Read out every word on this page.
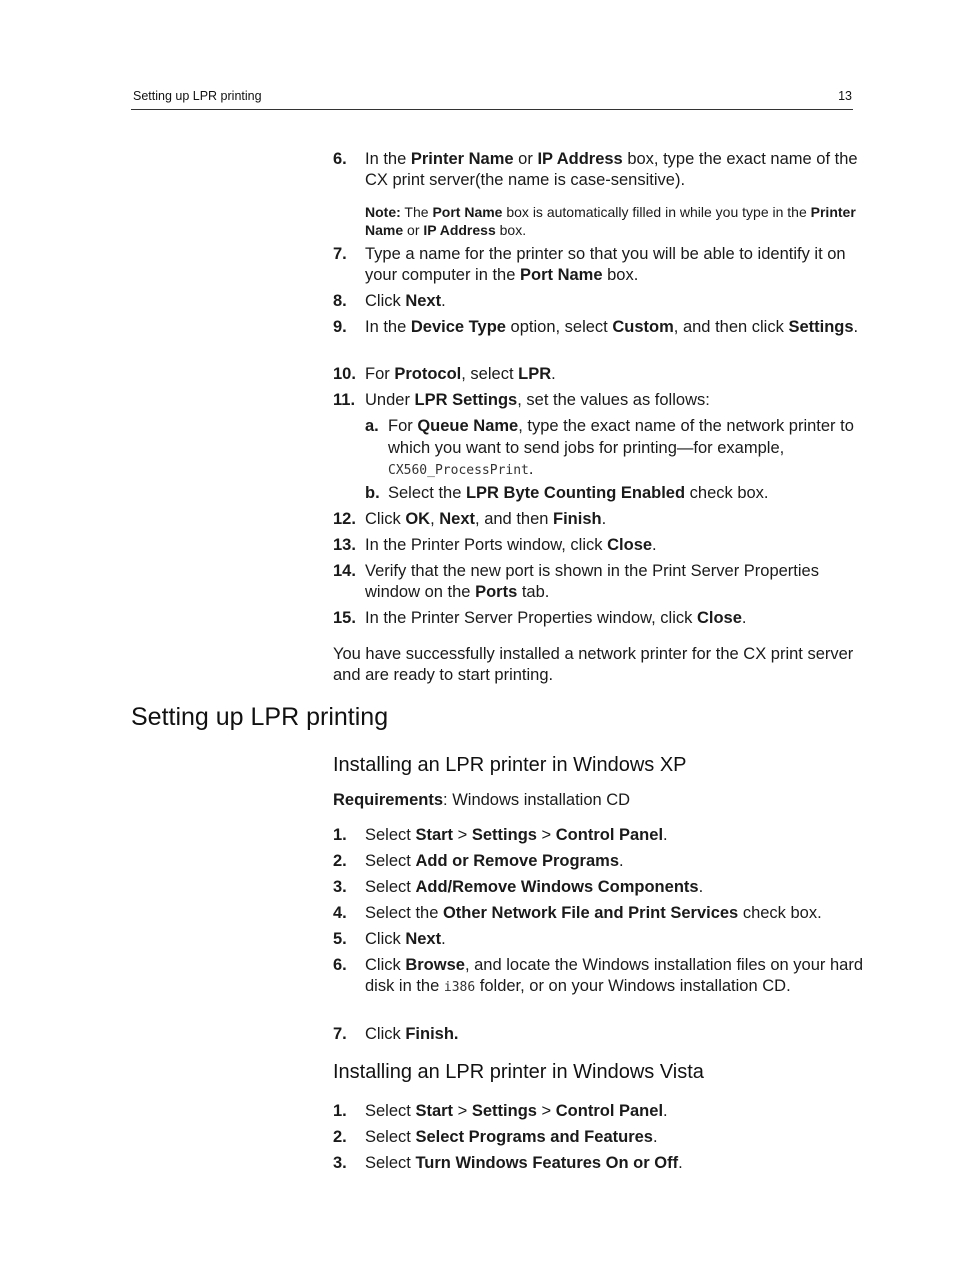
Setting up LPR printing	13
6. In the Printer Name or IP Address box, type the exact name of the CX print server(the name is case-sensitive).
Note: The Port Name box is automatically filled in while you type in the Printer Name or IP Address box.
7. Type a name for the printer so that you will be able to identify it on your computer in the Port Name box.
8. Click Next.
9. In the Device Type option, select Custom, and then click Settings.
10. For Protocol, select LPR.
11. Under LPR Settings, set the values as follows:
a. For Queue Name, type the exact name of the network printer to which you want to send jobs for printing—for example, CX560_ProcessPrint.
b. Select the LPR Byte Counting Enabled check box.
12. Click OK, Next, and then Finish.
13. In the Printer Ports window, click Close.
14. Verify that the new port is shown in the Print Server Properties window on the Ports tab.
15. In the Printer Server Properties window, click Close.
You have successfully installed a network printer for the CX print server and are ready to start printing.
Setting up LPR printing
Installing an LPR printer in Windows XP
Requirements: Windows installation CD
1. Select Start > Settings > Control Panel.
2. Select Add or Remove Programs.
3. Select Add/Remove Windows Components.
4. Select the Other Network File and Print Services check box.
5. Click Next.
6. Click Browse, and locate the Windows installation files on your hard disk in the i386 folder, or on your Windows installation CD.
7. Click Finish.
Installing an LPR printer in Windows Vista
1. Select Start > Settings > Control Panel.
2. Select Select Programs and Features.
3. Select Turn Windows Features On or Off.
